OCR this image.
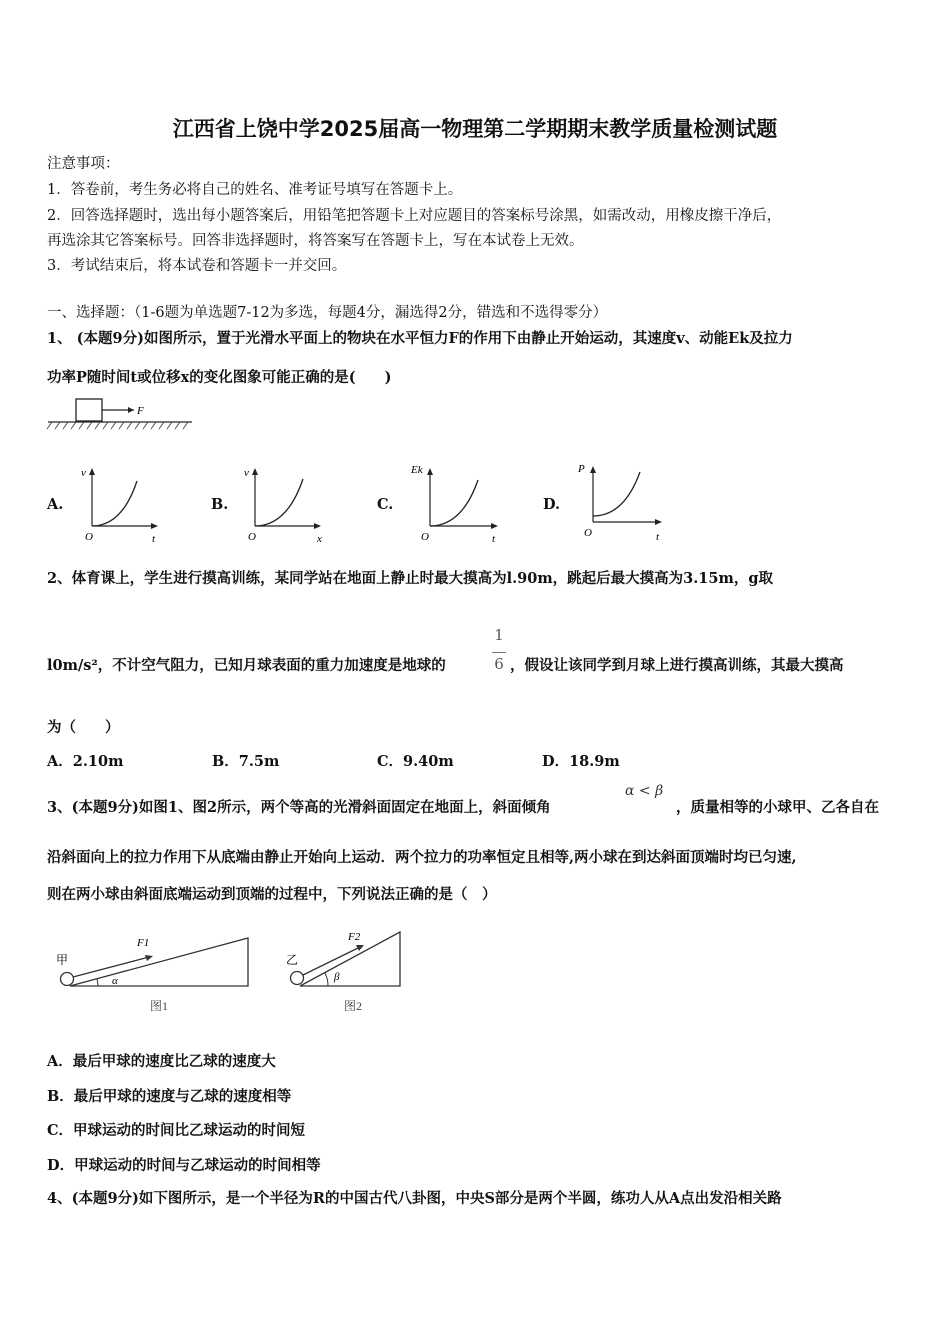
江西省上饶中学2025届高一物理第二学期期末教学质量检测试题
注意事项：
1．答卷前，考生务必将自己的姓名、准考证号填写在答题卡上。
2．回答选择题时，选出每小题答案后，用铅笔把答题卡上对应题目的答案标号涂黑，如需改动，用橡皮擦干净后，
再选涂其它答案标号。回答非选择题时，将答案写在答题卡上，写在本试卷上无效。
3．考试结束后，将本试卷和答题卡一并交回。
一、选择题：（1-6题为单选题7-12为多选，每题4分，漏选得2分，错选和不选得零分）
1、 (本题9分)如图所示，置于光滑水平面上的物块在水平恒力F的作用下由静止开始运动，其速度v、动能Ek及拉力
功率P随时间t或位移x的变化图象可能正确的是(　　)
F
A.
v
O	t
B.
v
O	x
C.
Ek
O	t
D.
P
O	t
2、体育课上，学生进行摸高训练，某同学站在地面上静止时最大摸高为l.90m，跳起后最大摸高为3.15m，g取
l0m/s²，不计空气阻力，已知月球表面的重力加速度是地球的
1
6 ，假设让该同学到月球上进行摸高训练，其最大摸高
为（　　）
A．2.10m	B．7.5m	C．9.40m	D．18.9m
3、(本题9分)如图1、图2所示，两个等高的光滑斜面固定在地面上，斜面倾角
α < β
，质量相等的小球甲、乙各自在
沿斜面向上的拉力作用下从底端由静止开始向上运动．两个拉力的功率恒定且相等,两小球在到达斜面顶端时均已匀速,
则在两小球由斜面底端运动到顶端的过程中，下列说法正确的是（　）
甲
F1
α
图1
乙
F2
β
图2
A．最后甲球的速度比乙球的速度大
B．最后甲球的速度与乙球的速度相等
C．甲球运动的时间比乙球运动的时间短
D．甲球运动的时间与乙球运动的时间相等
4、(本题9分)如下图所示，是一个半径为R的中国古代八卦图，中央S部分是两个半圆，练功人从A点出发沿相关路
